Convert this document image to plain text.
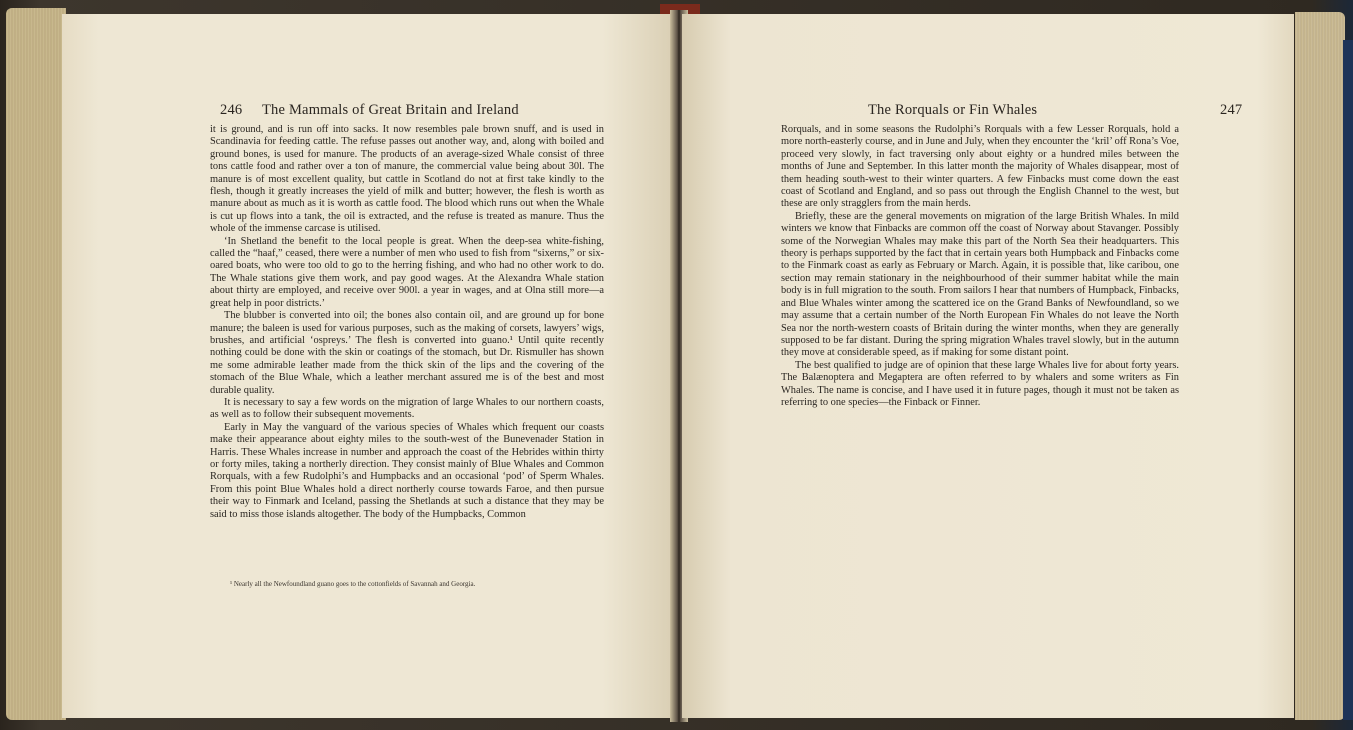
246 The Mammals of Great Britain and Ireland

it is ground, and is run off into sacks. It now resembles pale brown snuff, and is used in Scandinavia for feeding cattle. The refuse passes out another way, and, along with boiled and ground bones, is used for manure. The products of an average-sized Whale consist of three tons cattle food and rather over a ton of manure, the commercial value being about 30l. The manure is of most excellent quality, but cattle in Scotland do not at first take kindly to the flesh, though it greatly increases the yield of milk and butter; however, the flesh is worth as manure about as much as it is worth as cattle food. The blood which runs out when the Whale is cut up flows into a tank, the oil is extracted, and the refuse is treated as manure. Thus the whole of the immense carcase is utilised.

‘In Shetland the benefit to the local people is great. When the deep-sea white-fishing, called the “haaf,” ceased, there were a number of men who used to fish from “sixerns,” or six-oared boats, who were too old to go to the herring fishing, and who had no other work to do. The Whale stations give them work, and pay good wages. At the Alexandra Whale station about thirty are employed, and receive over 900l. a year in wages, and at Olna still more—a great help in poor districts.’

The blubber is converted into oil; the bones also contain oil, and are ground up for bone manure; the baleen is used for various purposes, such as the making of corsets, lawyers’ wigs, brushes, and artificial ‘ospreys.’ The flesh is converted into guano.¹ Until quite recently nothing could be done with the skin or coatings of the stomach, but Dr. Rismuller has shown me some admirable leather made from the thick skin of the lips and the covering of the stomach of the Blue Whale, which a leather merchant assured me is of the best and most durable quality.

It is necessary to say a few words on the migration of large Whales to our northern coasts, as well as to follow their subsequent movements.

Early in May the vanguard of the various species of Whales which frequent our coasts make their appearance about eighty miles to the south-west of the Bunevenader Station in Harris. These Whales increase in number and approach the coast of the Hebrides within thirty or forty miles, taking a northerly direction. They consist mainly of Blue Whales and Common Rorquals, with a few Rudolphi’s and Humpbacks and an occasional ‘pod’ of Sperm Whales. From this point Blue Whales hold a direct northerly course towards Faroe, and then pursue their way to Finmark and Iceland, passing the Shetlands at such a distance that they may be said to miss those islands altogether. The body of the Humpbacks, Common

¹ Nearly all the Newfoundland guano goes to the cottonfields of Savannah and Georgia.
The Rorquals or Fin Whales	247

Rorquals, and in some seasons the Rudolphi’s Rorquals with a few Lesser Rorquals, hold a more north-easterly course, and in June and July, when they encounter the ‘kril’ off Rona’s Voe, proceed very slowly, in fact traversing only about eighty or a hundred miles between the months of June and September. In this latter month the majority of Whales disappear, most of them heading south-west to their winter quarters. A few Finbacks must come down the east coast of Scotland and England, and so pass out through the English Channel to the west, but these are only stragglers from the main herds.

Briefly, these are the general movements on migration of the large British Whales. In mild winters we know that Finbacks are common off the coast of Norway about Stavanger. Possibly some of the Norwegian Whales may make this part of the North Sea their headquarters. This theory is perhaps supported by the fact that in certain years both Humpback and Finbacks come to the Finmark coast as early as February or March. Again, it is possible that, like caribou, one section may remain stationary in the neighbourhood of their summer habitat while the main body is in full migration to the south. From sailors I hear that numbers of Humpback, Finbacks, and Blue Whales winter among the scattered ice on the Grand Banks of Newfoundland, so we may assume that a certain number of the North European Fin Whales do not leave the North Sea nor the north-western coasts of Britain during the winter months, when they are generally supposed to be far distant. During the spring migration Whales travel slowly, but in the autumn they move at considerable speed, as if making for some distant point.

The best qualified to judge are of opinion that these large Whales live for about forty years. The Balænoptera and Megaptera are often referred to by whalers and some writers as Fin Whales. The name is concise, and I have used it in future pages, though it must not be taken as referring to one species—the Finback or Finner.
